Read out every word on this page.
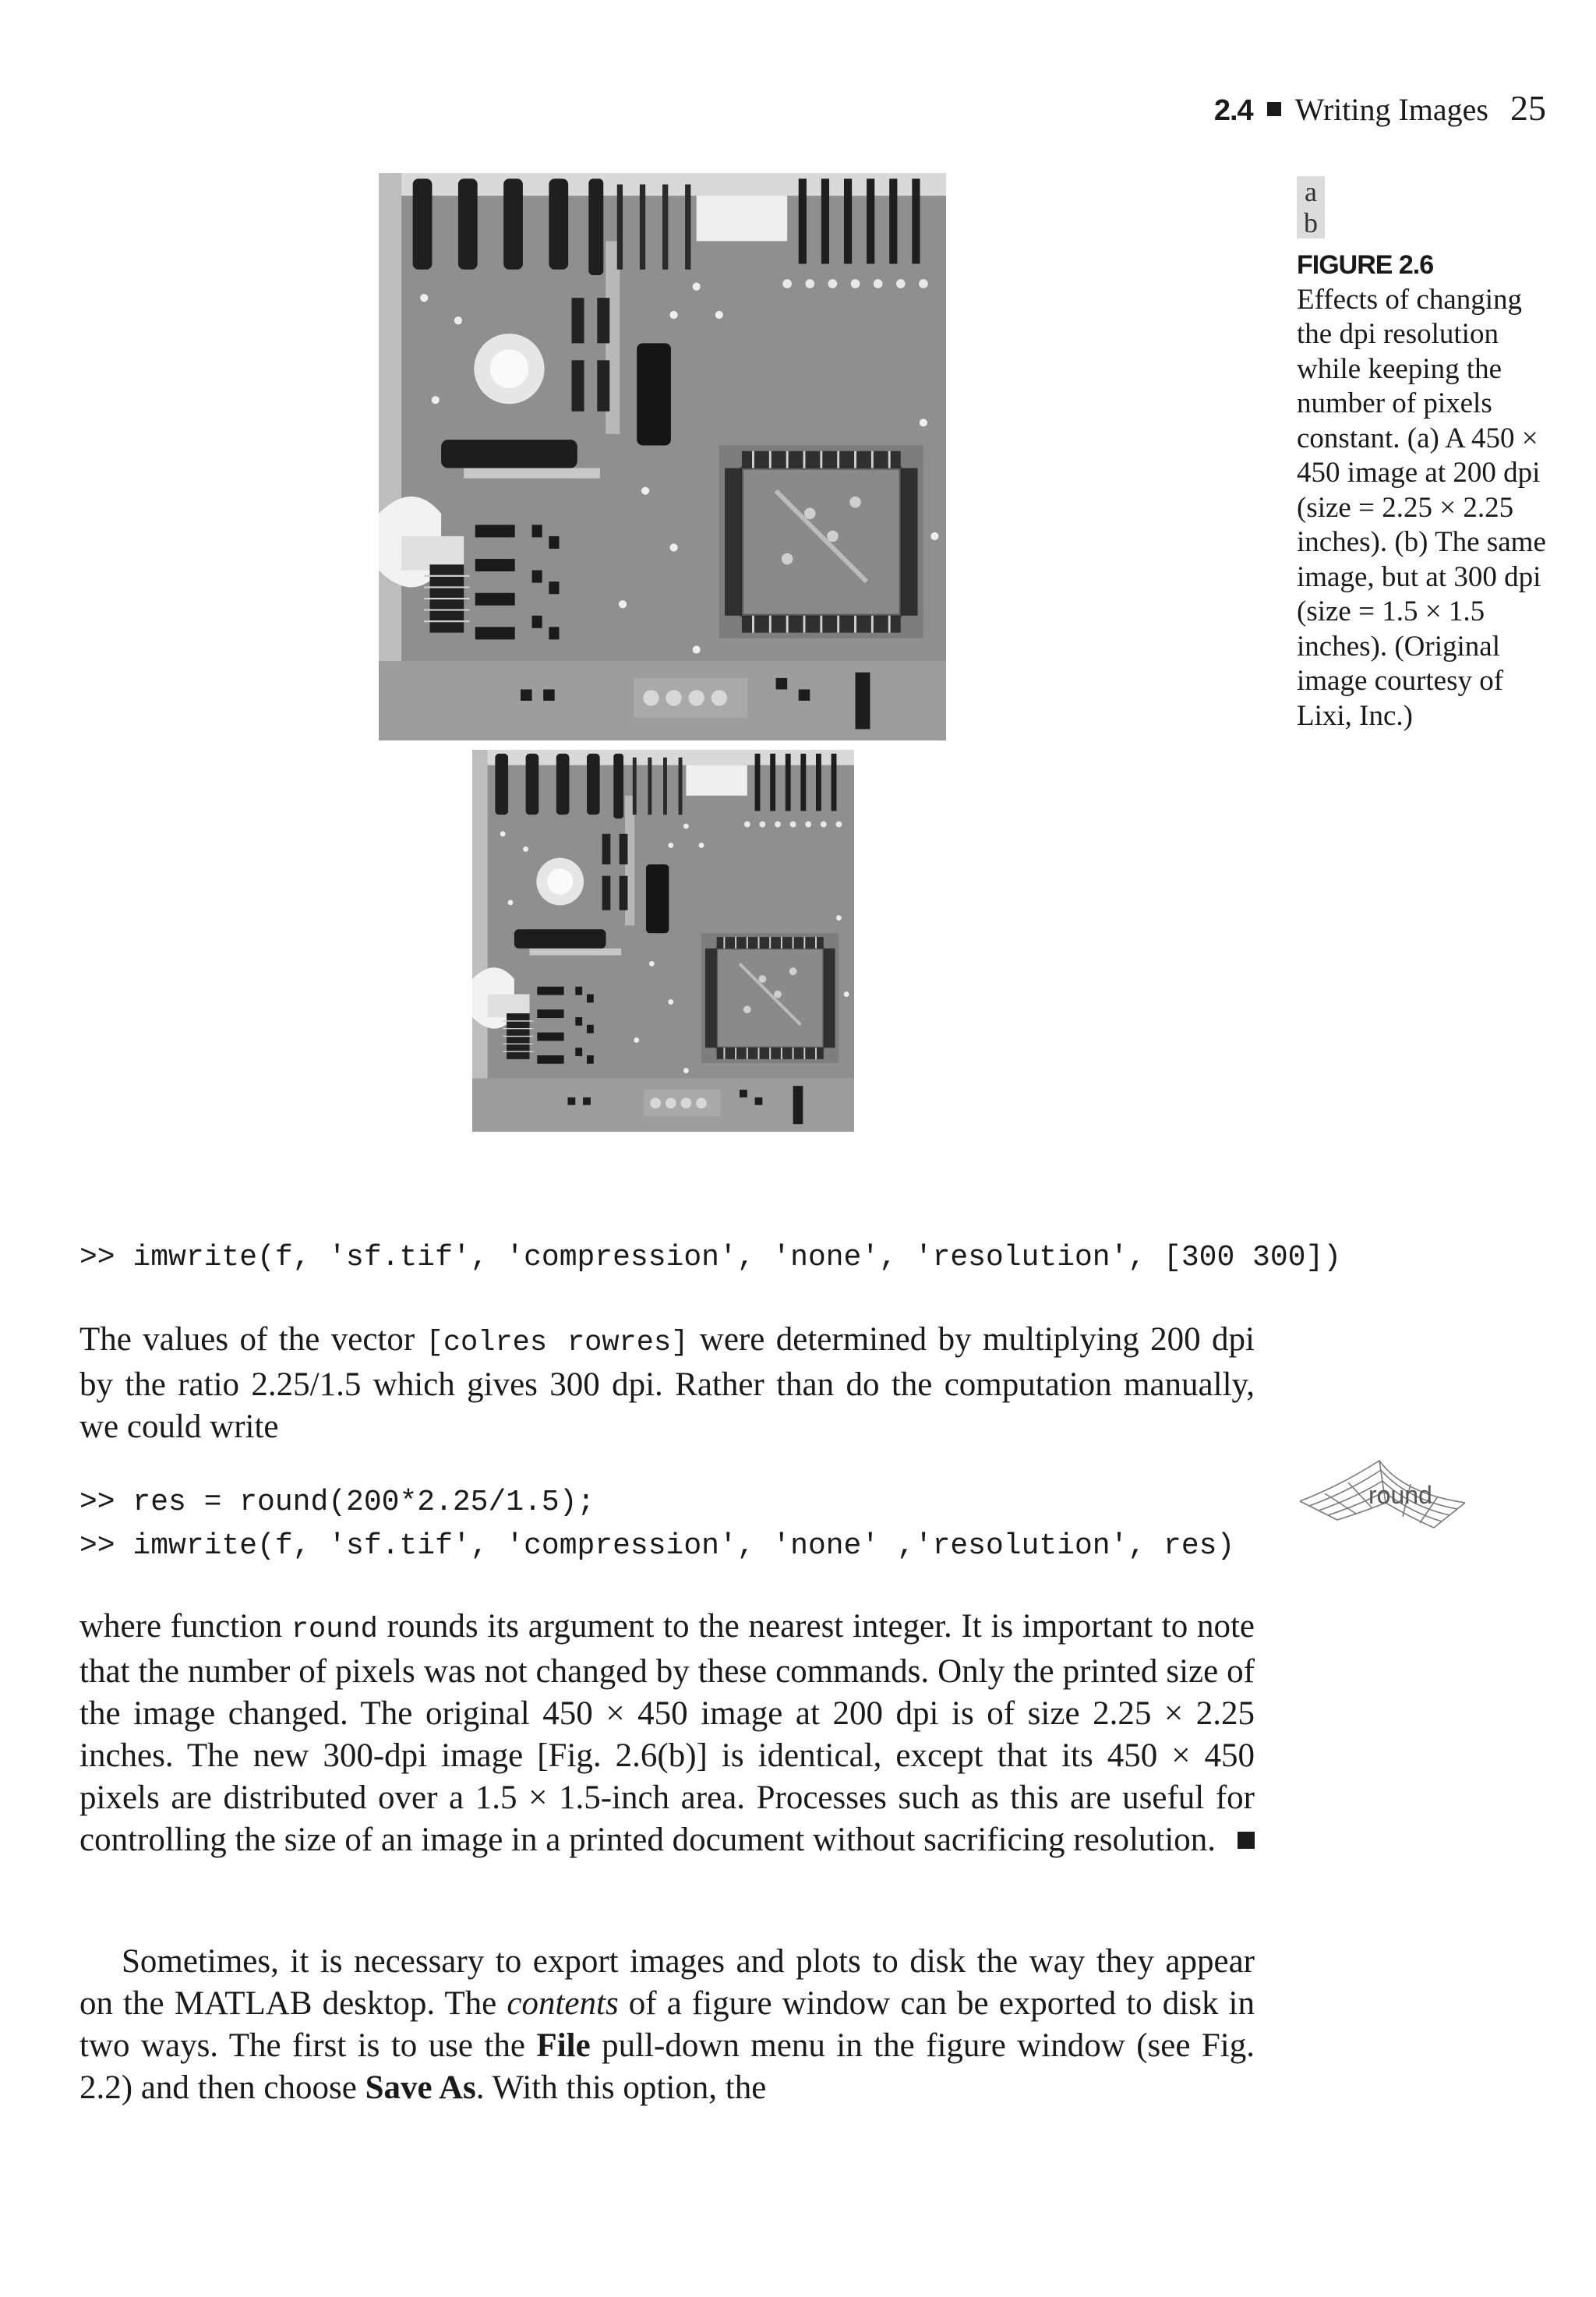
2.4 Writing Images 25
a
b
FIGURE 2.6
Effects of changing the dpi resolution while keeping the number of pixels constant. (a) A 450 × 450 image at 200 dpi (size = 2.25 × 2.25 inches). (b) The same image, but at 300 dpi (size = 1.5 × 1.5 inches). (Original image courtesy of Lixi, Inc.)
>> imwrite(f, 'sf.tif', 'compression', 'none', 'resolution', [300 300])
The values of the vector [colres rowres] were determined by multiplying 200 dpi by the ratio 2.25/1.5 which gives 300 dpi. Rather than do the computation manually, we could write
>> res = round(200*2.25/1.5);
>> imwrite(f, 'sf.tif', 'compression', 'none' ,'resolution', res)
round
where function round rounds its argument to the nearest integer. It is important to note that the number of pixels was not changed by these commands. Only the printed size of the image changed. The original 450 × 450 image at 200 dpi is of size 2.25 × 2.25 inches. The new 300-dpi image [Fig. 2.6(b)] is identical, except that its 450 × 450 pixels are distributed over a 1.5 × 1.5-inch area. Processes such as this are useful for controlling the size of an image in a printed document without sacrificing resolution.
Sometimes, it is necessary to export images and plots to disk the way they appear on the MATLAB desktop. The contents of a figure window can be exported to disk in two ways. The first is to use the File pull-down menu in the figure window (see Fig. 2.2) and then choose Save As. With this option, the
